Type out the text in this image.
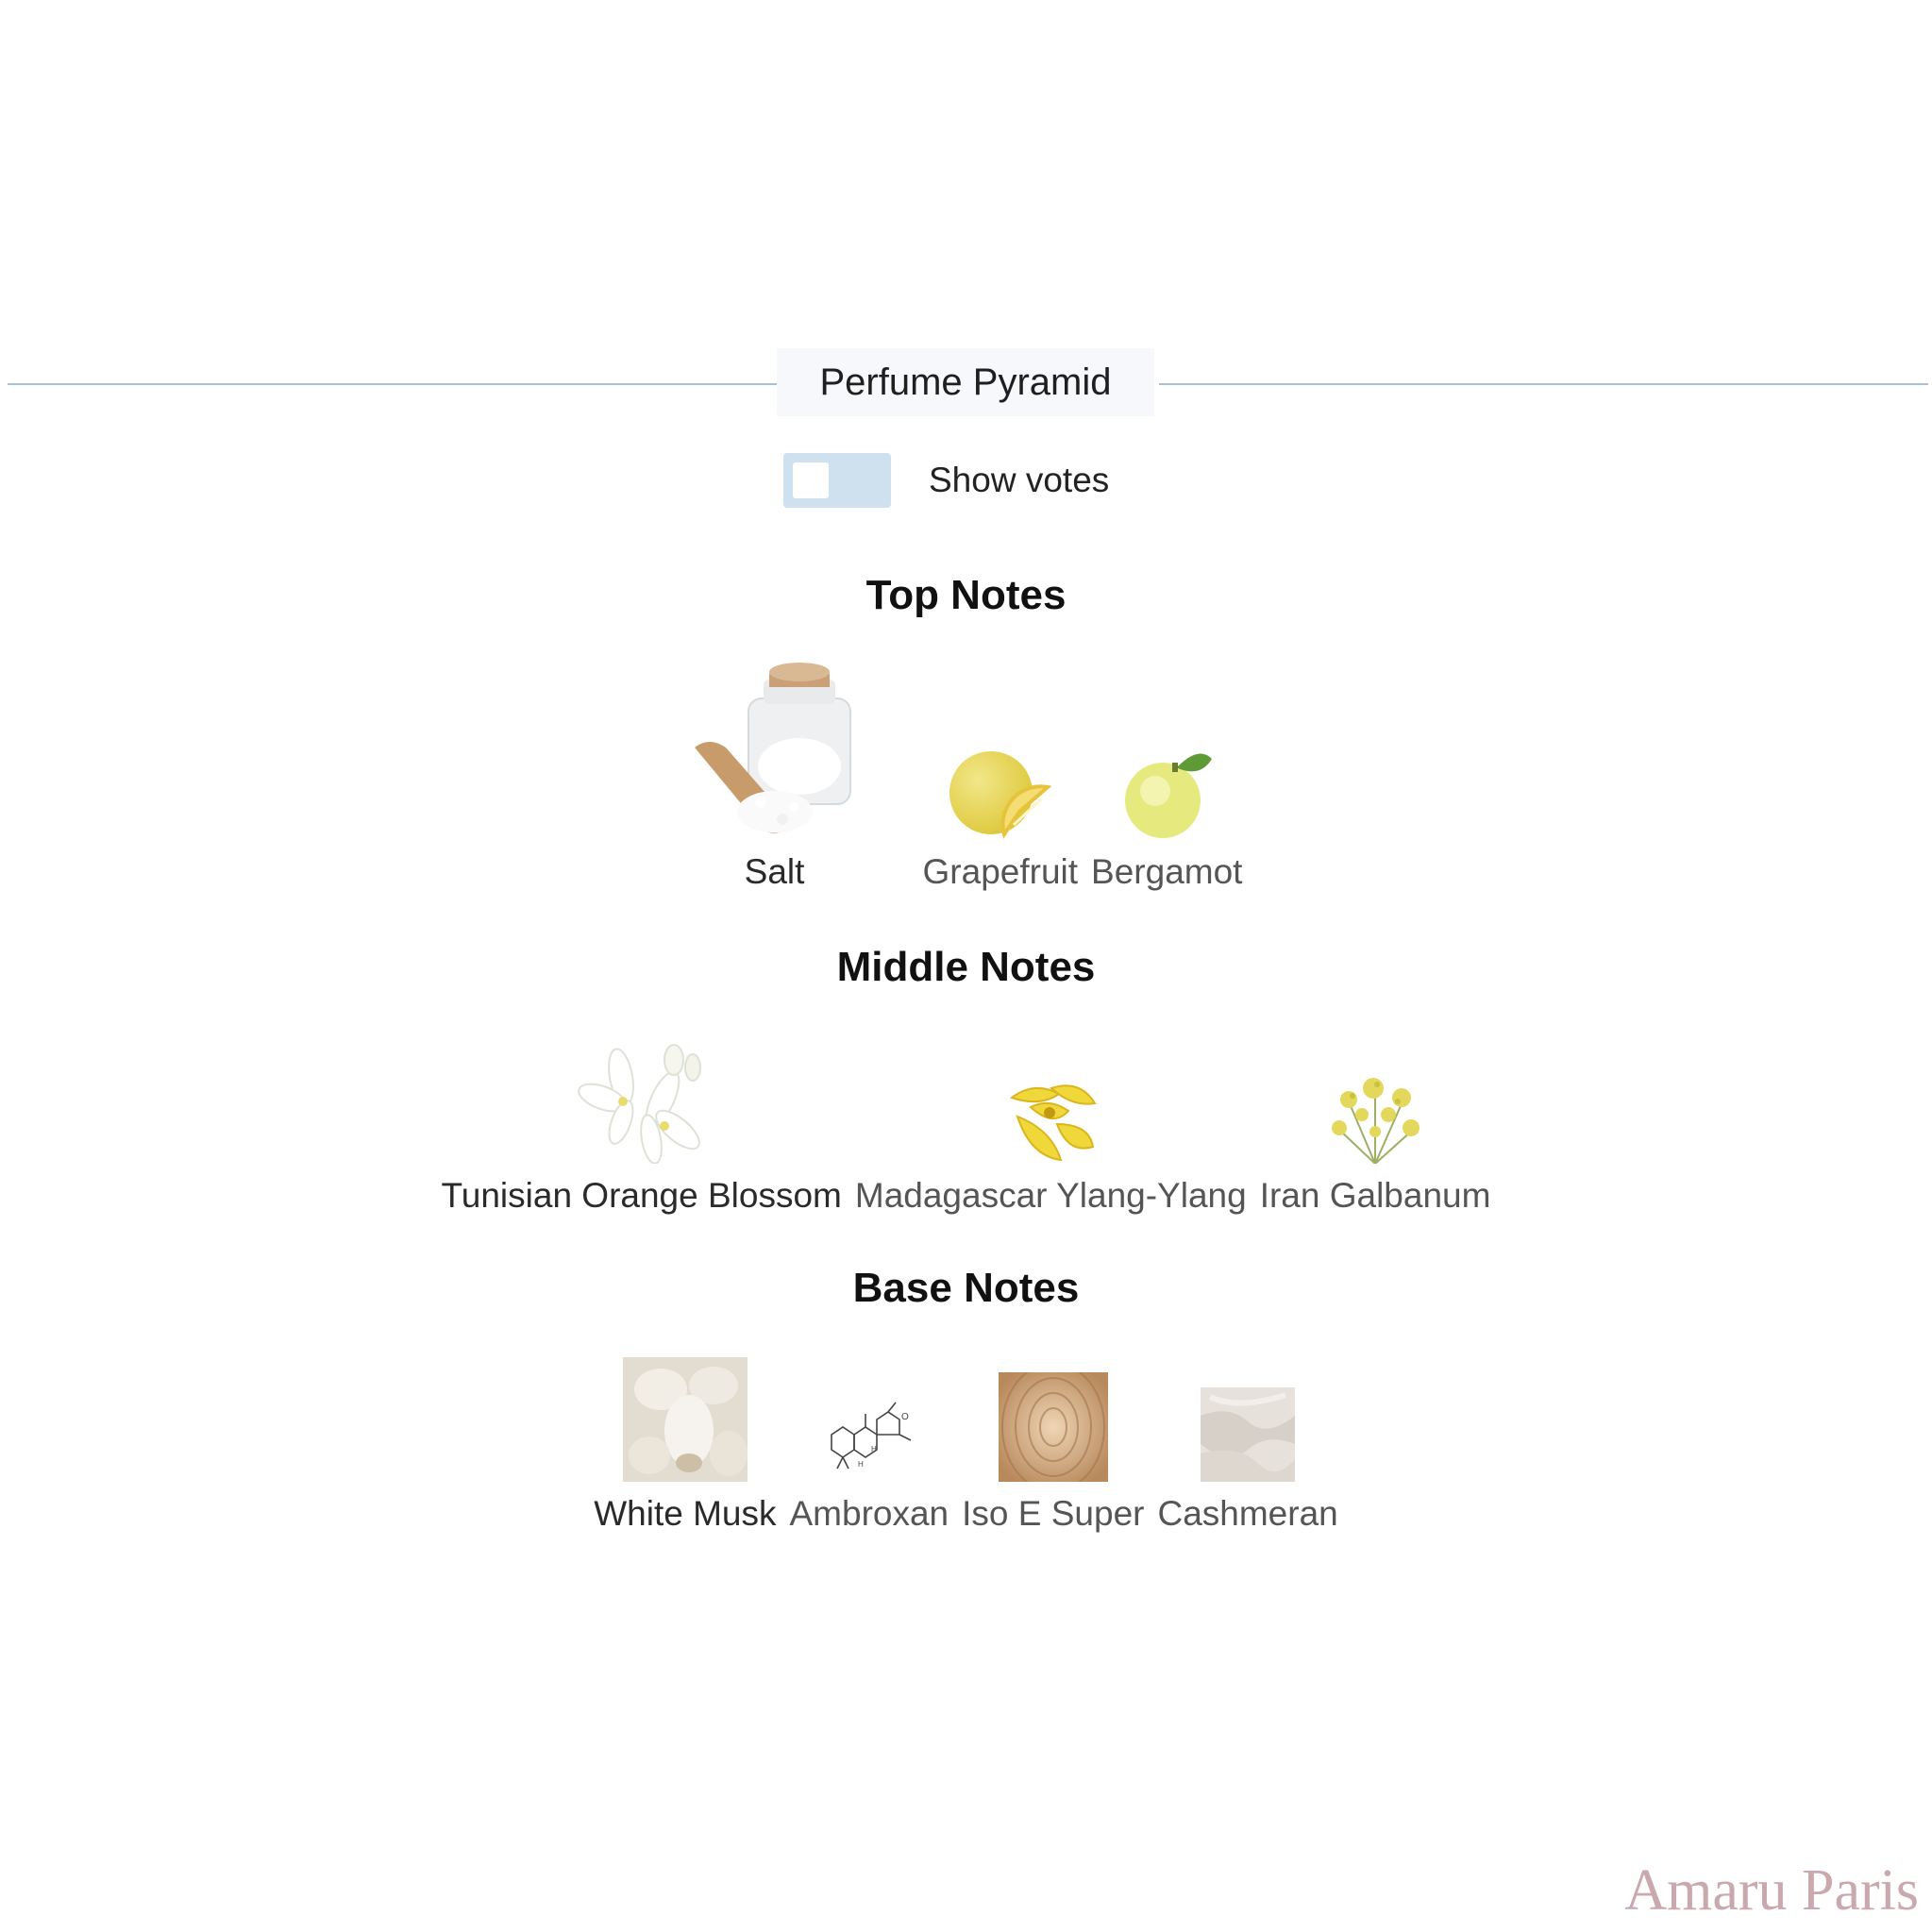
Perfume Pyramid
Show votes
Top Notes
Salt	Grapefruit Bergamot
Middle Notes
Tunisian Orange Blossom Madagascar Ylang-Ylang Iran Galbanum
Base Notes
White Musk
O
H
H
Ambroxan Iso E Super Cashmeran
Amaru Paris
